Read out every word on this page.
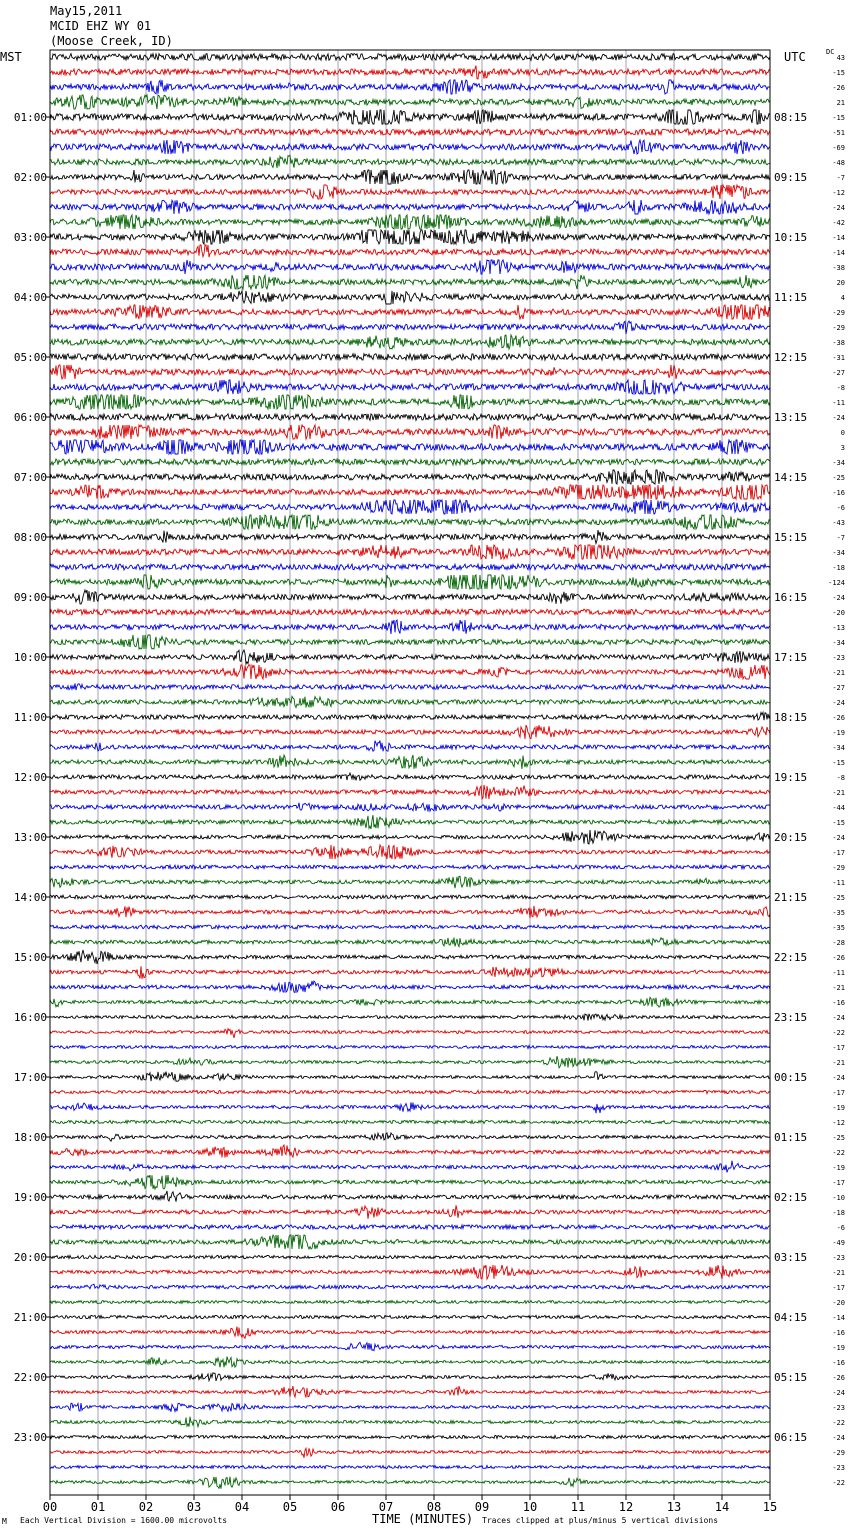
May15,2011
MCID EHZ WY 01
(Moose Creek, ID)
00	01	02	03	04	05	06	07	08	09	10	11	12	13	14	15
43
-15
-26
21
-15
-51
-69
-48
-7
-12
-24
-42
-14
-14
-38
20
4
-29
-29
-38
-31
-27
-8
-11
-24
0
3
-34
-25
-16
-6
-43
-7
-34
-18
-124
-24
-20
-13
-34
-23
-21
-27
-24
-26
-19
-34
-15
-8
-21
-44
-15
-24
-17
-29
-11
-25
-35
-35
-28
-26
-11
-21
-16
-24
-22
-17
-21
-24
-17
-19
-12
-25
-22
-19
-17
-10
-18
-6
-49
-23
-21
-17
-20
-14
-16
-19
-16
-26
-24
-23
-22
-24
-29
-23
-22
01:00
02:00
03:00
04:00
05:00
06:00
07:00
08:00
09:00
10:00
11:00
12:00
13:00
14:00
15:00
16:00
17:00
18:00
19:00
20:00
21:00
22:00
23:00
08:15
09:15
10:15
11:15
12:15
13:15
14:15
15:15
16:15
17:15
18:15
19:15
20:15
21:15
22:15
23:15
00:15
01:15
02:15
03:15
04:15
05:15
06:15
MST	UTC	DC
TIME (MINUTES)
M Each Vertical Division = 1600.00 microvolts	Traces clipped at plus/minus 5 vertical divisions
